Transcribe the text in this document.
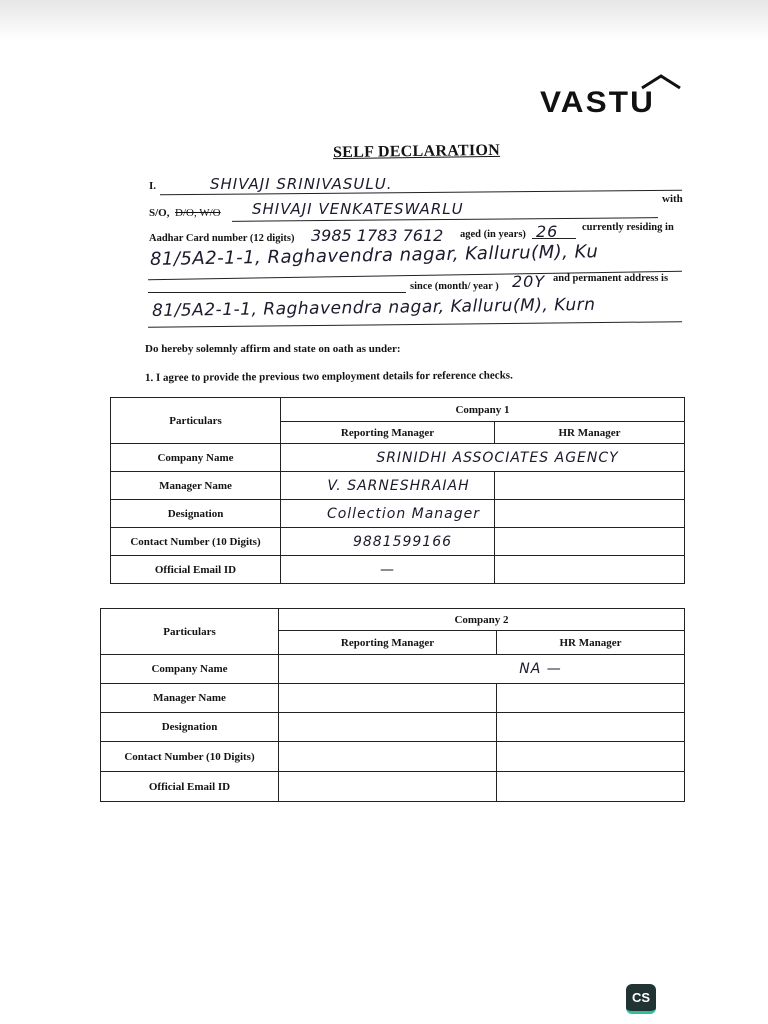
VASTU
SELF DECLARATION
I.	SHIVAJI SRINIVASULU.
S/O, D/O, W/O SHIVAJI VENKATESWARLU
with
Aadhar Card number (12 digits) 3985 1783 7612 aged (in years) 26 currently residing in
81/5A2-1-1, Raghavendra nagar, Kalluru(M), Ku
since (month/ year ) 20Y and permanent address is
81/5A2-1-1, Raghavendra nagar, Kalluru(M), Kurn
Do hereby solemnly affirm and state on oath as under:
1. I agree to provide the previous two employment details for reference checks.
Particulars	Company 1	
	Reporting Manager	HR Manager
Company Name	SRINIDHI ASSOCIATES AGENCY	
Manager Name	V. SARNESHRAIAH	
Designation	Collection Manager	
Contact Number (10 Digits)	9881599166	
Official Email ID	—	
Particulars	Company 2	
	Reporting Manager	HR Manager
Company Name	NA —	
Manager Name		
Designation		
Contact Number (10 Digits)		
Official Email ID		
CS
